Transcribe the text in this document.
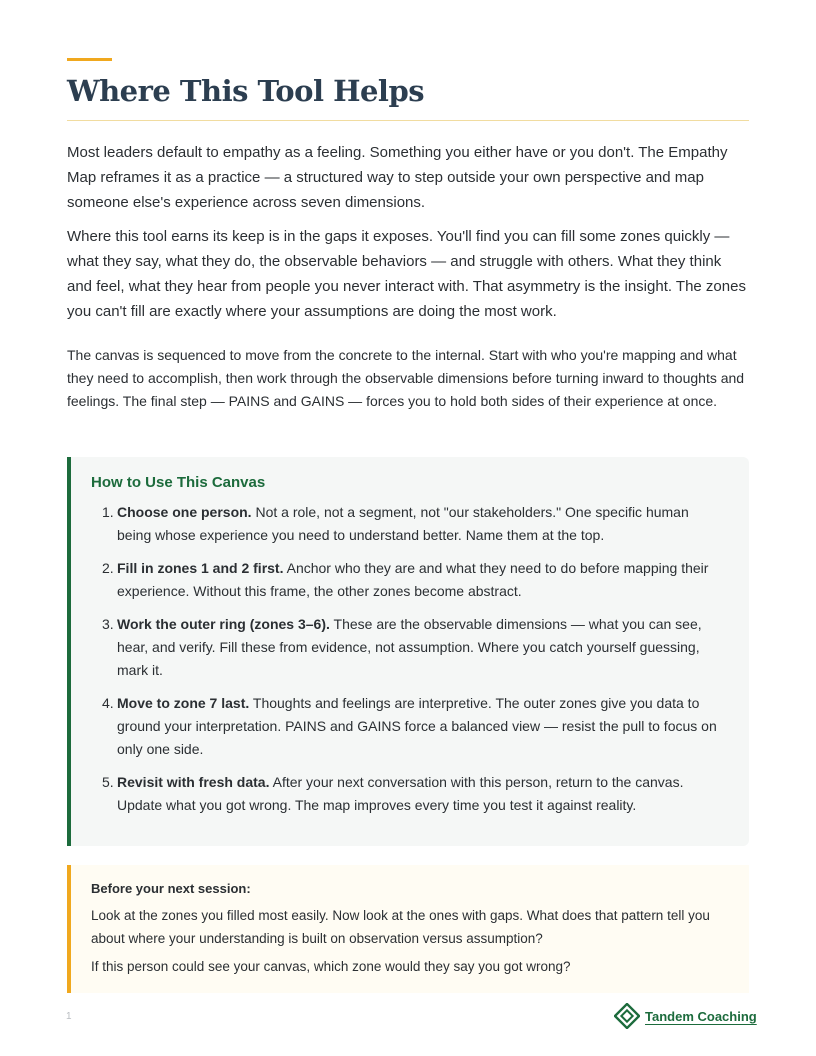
Where This Tool Helps

Most leaders default to empathy as a feeling. Something you either have or you don't. The Empathy Map reframes it as a practice — a structured way to step outside your own perspective and map someone else's experience across seven dimensions.

Where this tool earns its keep is in the gaps it exposes. You'll find you can fill some zones quickly — what they say, what they do, the observable behaviors — and struggle with others. What they think and feel, what they hear from people you never interact with. That asymmetry is the insight. The zones you can't fill are exactly where your assumptions are doing the most work.

The canvas is sequenced to move from the concrete to the internal. Start with who you're mapping and what they need to accomplish, then work through the observable dimensions before turning inward to thoughts and feelings. The final step — PAINS and GAINS — forces you to hold both sides of their experience at once.

How to Use This Canvas
1. Choose one person. Not a role, not a segment, not "our stakeholders." One specific human being whose experience you need to understand better. Name them at the top.
2. Fill in zones 1 and 2 first. Anchor who they are and what they need to do before mapping their experience. Without this frame, the other zones become abstract.
3. Work the outer ring (zones 3–6). These are the observable dimensions — what you can see, hear, and verify. Fill these from evidence, not assumption. Where you catch yourself guessing, mark it.
4. Move to zone 7 last. Thoughts and feelings are interpretive. The outer zones give you data to ground your interpretation. PAINS and GAINS force a balanced view — resist the pull to focus on only one side.
5. Revisit with fresh data. After your next conversation with this person, return to the canvas. Update what you got wrong. The map improves every time you test it against reality.
Before your next session:

Look at the zones you filled most easily. Now look at the ones with gaps. What does that pattern tell you about where your understanding is built on observation versus assumption?

If this person could see your canvas, which zone would they say you got wrong?

1	Tandem Coaching
